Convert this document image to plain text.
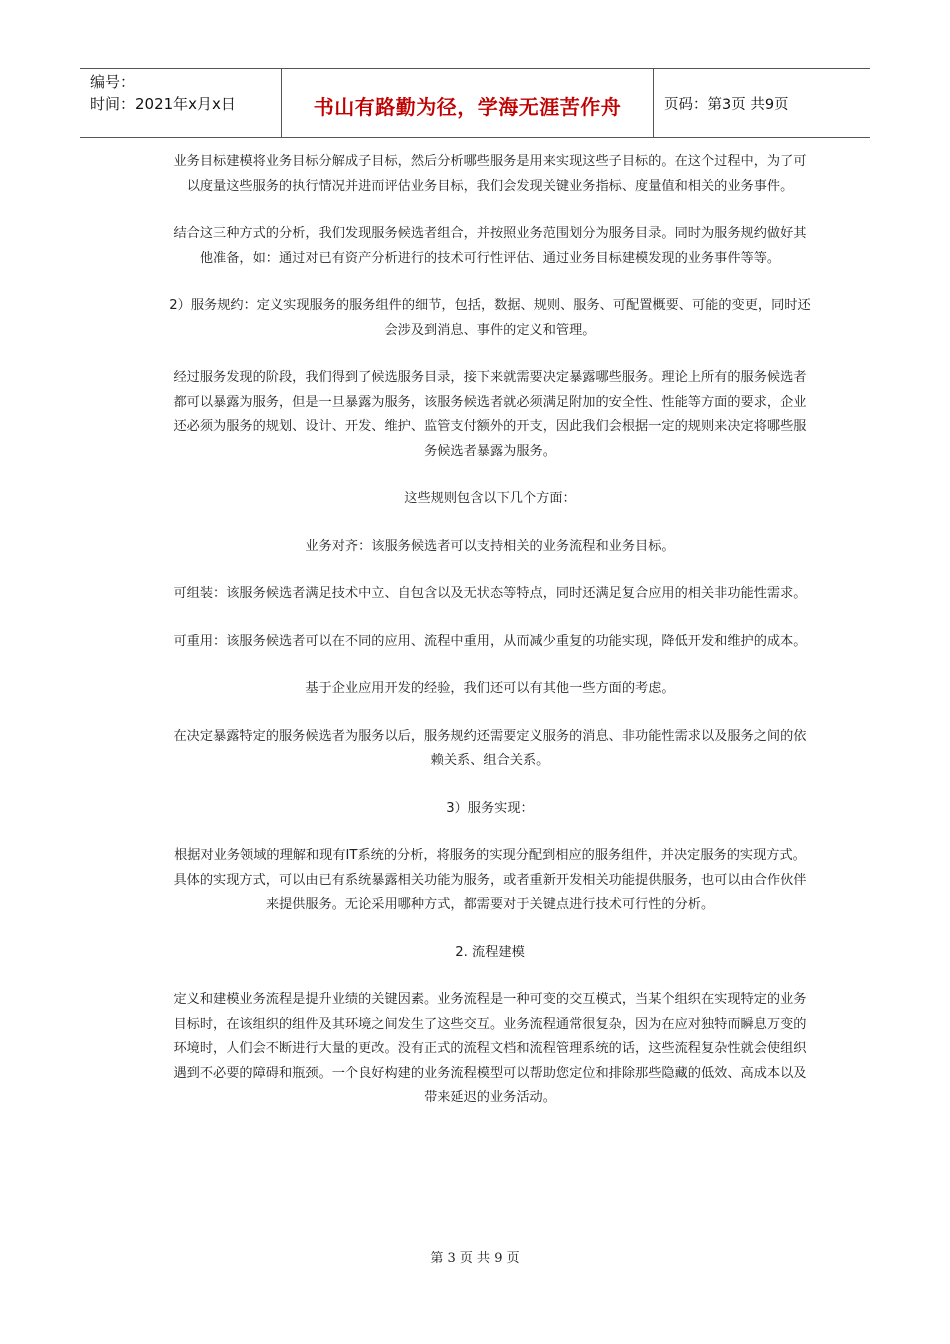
编号：
时间：2021年x月x日	书山有路勤为径，学海无涯苦作舟	页码：第3页 共9页

业务目标建模将业务目标分解成子目标，然后分析哪些服务是用来实现这些子目标的。在这个过程中，为了可以度量这些服务的执行情况并进而评估业务目标，我们会发现关键业务指标、度量值和相关的业务事件。

结合这三种方式的分析，我们发现服务候选者组合，并按照业务范围划分为服务目录。同时为服务规约做好其他准备，如：通过对已有资产分析进行的技术可行性评估、通过业务目标建模发现的业务事件等等。

2）服务规约：定义实现服务的服务组件的细节，包括，数据、规则、服务、可配置概要、可能的变更，同时还会涉及到消息、事件的定义和管理。

经过服务发现的阶段，我们得到了候选服务目录，接下来就需要决定暴露哪些服务。理论上所有的服务候选者都可以暴露为服务，但是一旦暴露为服务，该服务候选者就必须满足附加的安全性、性能等方面的要求，企业还必须为服务的规划、设计、开发、维护、监管支付额外的开支，因此我们会根据一定的规则来决定将哪些服务候选者暴露为服务。

这些规则包含以下几个方面：

业务对齐：该服务候选者可以支持相关的业务流程和业务目标。

可组装：该服务候选者满足技术中立、自包含以及无状态等特点，同时还满足复合应用的相关非功能性需求。

可重用：该服务候选者可以在不同的应用、流程中重用，从而减少重复的功能实现，降低开发和维护的成本。

基于企业应用开发的经验，我们还可以有其他一些方面的考虑。

在决定暴露特定的服务候选者为服务以后，服务规约还需要定义服务的消息、非功能性需求以及服务之间的依赖关系、组合关系。

3）服务实现：

根据对业务领域的理解和现有IT系统的分析，将服务的实现分配到相应的服务组件，并决定服务的实现方式。具体的实现方式，可以由已有系统暴露相关功能为服务，或者重新开发相关功能提供服务，也可以由合作伙伴来提供服务。无论采用哪种方式，都需要对于关键点进行技术可行性的分析。

2. 流程建模

定义和建模业务流程是提升业绩的关键因素。业务流程是一种可变的交互模式，当某个组织在实现特定的业务目标时，在该组织的组件及其环境之间发生了这些交互。业务流程通常很复杂，因为在应对独特而瞬息万变的环境时，人们会不断进行大量的更改。没有正式的流程文档和流程管理系统的话，这些流程复杂性就会使组织遇到不必要的障碍和瓶颈。一个良好构建的业务流程模型可以帮助您定位和排除那些隐藏的低效、高成本以及带来延迟的业务活动。

第 3 页 共 9 页
